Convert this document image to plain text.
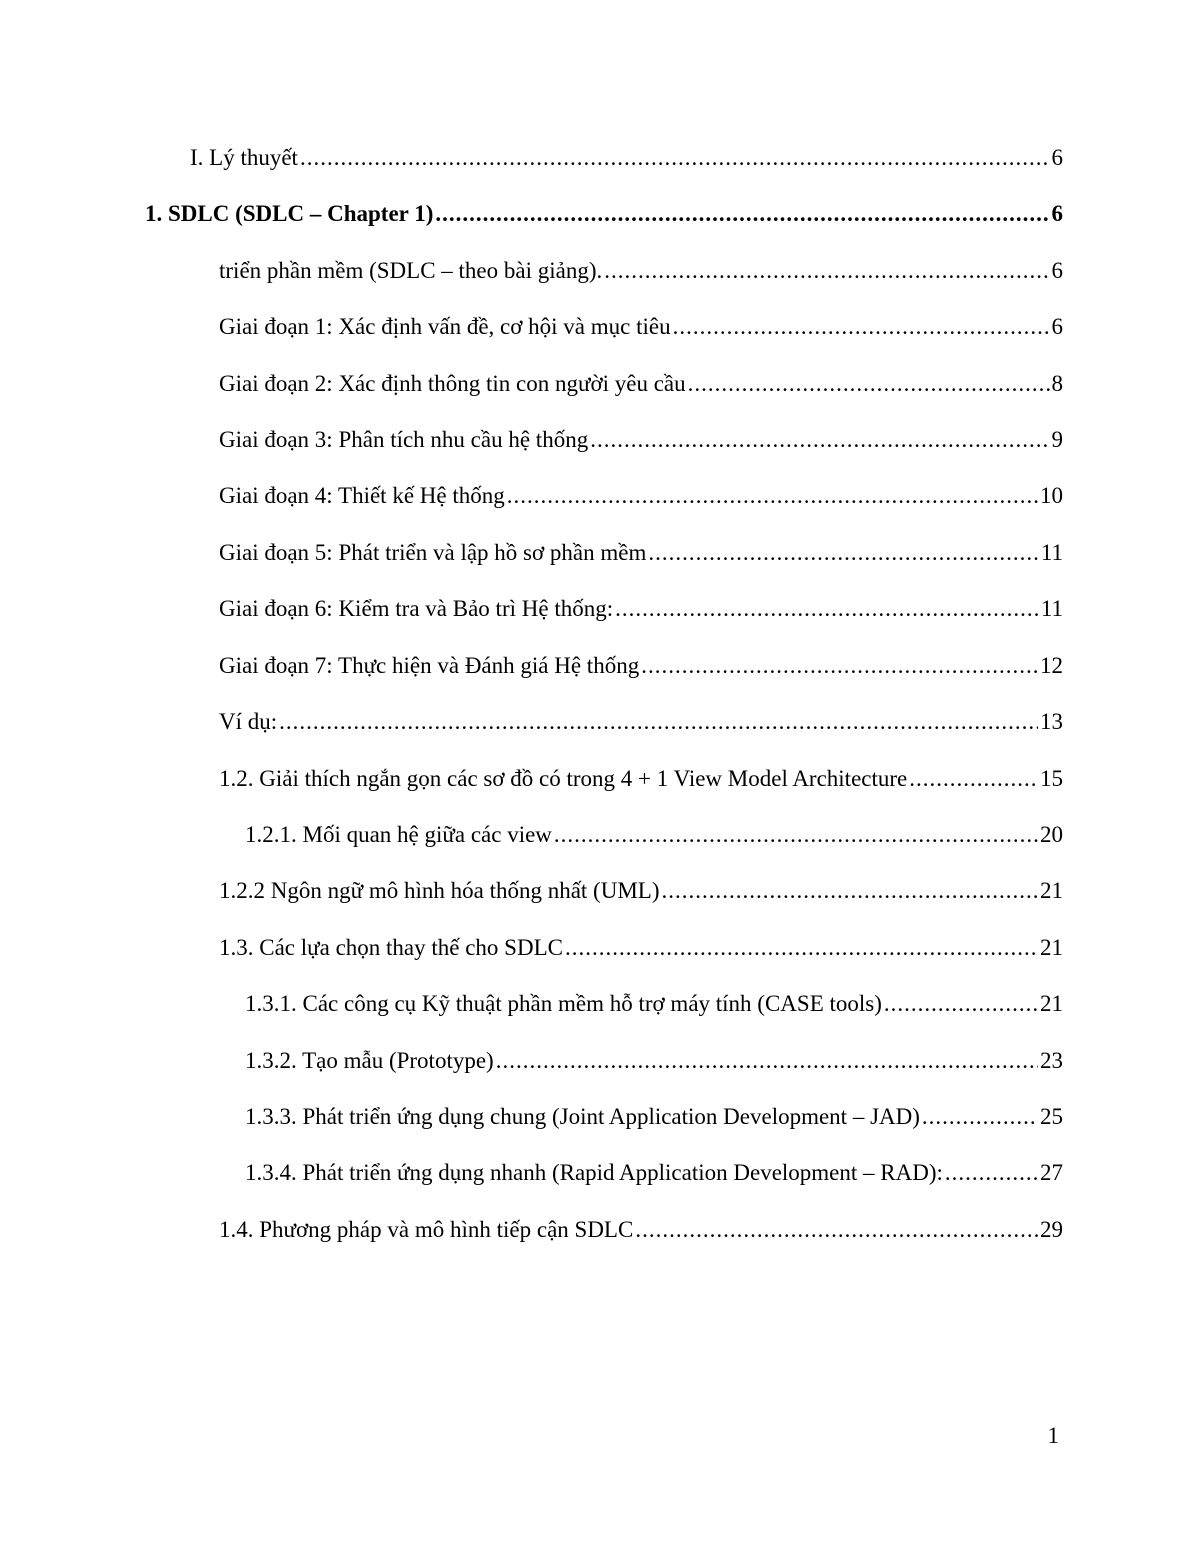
I. Lý thuyết .....	6
1. SDLC (SDLC – Chapter 1) .....	6
triển phần mềm (SDLC – theo bài giảng). .....	6
Giai đoạn 1: Xác định vấn đề, cơ hội và mục tiêu .....	6
Giai đoạn 2: Xác định thông tin con người yêu cầu .....	8
Giai đoạn 3: Phân tích nhu cầu hệ thống .....	9
Giai đoạn 4: Thiết kế Hệ thống .....	10
Giai đoạn 5: Phát triển và lập hồ sơ phần mềm .....	11
Giai đoạn 6: Kiểm tra và Bảo trì Hệ thống: .....	11
Giai đoạn 7: Thực hiện và Đánh giá Hệ thống .....	12
Ví dụ: .....	13
1.2. Giải thích ngắn gọn các sơ đồ có trong 4 + 1 View Model Architecture .....	15
1.2.1. Mối quan hệ giữa các view .....	20
1.2.2 Ngôn ngữ mô hình hóa thống nhất (UML) .....	21
1.3. Các lựa chọn thay thế cho SDLC .....	21
1.3.1. Các công cụ Kỹ thuật phần mềm hỗ trợ máy tính (CASE tools) .....	21
1.3.2. Tạo mẫu (Prototype) .....	23
1.3.3. Phát triển ứng dụng chung (Joint Application Development – JAD) .....	25
1.3.4. Phát triển ứng dụng nhanh (Rapid Application Development – RAD): .....	27
1.4. Phương pháp và mô hình tiếp cận SDLC .....	29
1
